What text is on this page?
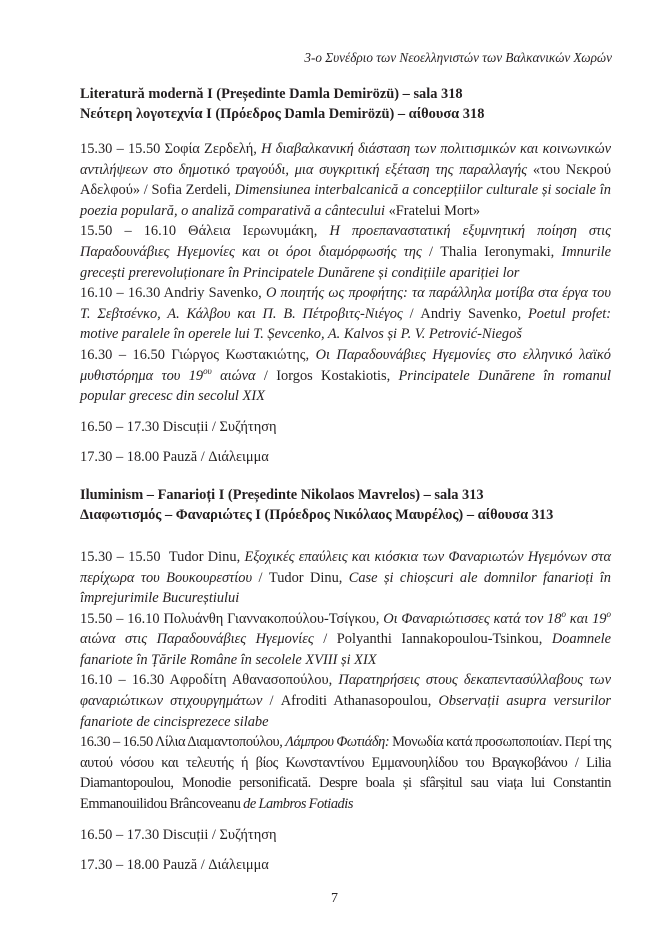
3-ο Συνέδριο των Νεοελληνιστών των Βαλκανικών Χωρών

Literatură modernă I (Președinte Damla Demirözü) – sala 318

Νεότερη λογοτεχνία I (Πρόεδρος Damla Demirözü) – αίθουσα 318

15.30 – 15.50 Σοφία Ζερδελή, Η διαβαλκανική διάσταση των πολιτισμικών και κοινωνικών αντιλήψεων στο δημοτικό τραγούδι, μια συγκριτική εξέταση της παραλλαγής «του Νεκρού Αδελφού» / Sofia Zerdeli, Dimensiunea interbalcanică a concepțiilor culturale și sociale în poezia populară, o analiză comparativă a cântecului «Fratelui Mort»

15.50 – 16.10 Θάλεια Ιερωνυμάκη, Η προεπαναστατική εξυμνητική ποίηση στις Παραδουνάβιες Ηγεμονίες και οι όροι διαμόρφωσής της / Thalia Ieronymaki, Imnurile grecești prerevoluționare în Principatele Dunărene și condițiile apariției lor

16.10 – 16.30 Andriy Savenko, Ο ποιητής ως προφήτης: τα παράλληλα μοτίβα στα έργα του Τ. Σεβτσένκο, Α. Κάλβου και Π. Β. Πέτροβιτς-Νιέγος / Andriy Savenko, Poetul profet: motive paralele în operele lui T. Șevcenko, A. Kalvos și P. V. Petrović-Niegoš

16.30 – 16.50 Γιώργος Κωστακιώτης, Οι Παραδουνάβιες Ηγεμονίες στο ελληνικό λαϊκό μυθιστόρημα του $19^{o\upsilon}$ αιώνα / Iorgos Kostakiotis, Principatele Dunărene în romanul popular grecesc din secolul XIX

16.50 – 17.30 Discuții / Συζήτηση

17.30 – 18.00 Pauză / Διάλειμμα

Iluminism – Fanarioți I (Președinte Nikolaos Mavrelos) – sala 313

Διαφωτισμός – Φαναριώτες I (Πρόεδρος Νικόλαος Μαυρέλος) – αίθουσα 313

15.30 – 15.50 Tudor Dinu, Εξοχικές επαύλεις και κιόσκια των Φαναριωτών Ηγεμόνων στα περίχωρα του Βουκουρεστίου / Tudor Dinu, Case și chioșcuri ale domnilor fanarioți în împrejurimile Bucureștiului

15.50 – 16.10 Πολυάνθη Γιαννακοπούλου-Τσίγκου, Οι Φαναριώτισσες κατά τον $18^o$ και $19^o$ αιώνα στις Παραδουνάβιες Ηγεμονίες / Polyanthi Iannakopoulou-Tsinkou, Doamnele fanariote în Țările Române în secolele XVIII și XIX

16.10 – 16.30 Αφροδίτη Αθανασοπούλου, Παρατηρήσεις στους δεκαπεντασύλλαβους των φαναριώτικων στιχουργημάτων / Afroditi Athanasopoulou, Observații asupra versurilor fanariote de cincisprezece silabe

16.30 – 16.50 Λίλια Διαμαντοπούλου, Λάμπρου Φωτιάδη: Μονωδία κατά προσωποποιίαν. Περί της αυτού νόσου και τελευτής ή βίος Κωνσταντίνου Εμμανουηλίδου του Βραγκοβάνου / Lilia Diamantopoulou, Monodie personificată. Despre boala și sfârșitul sau viața lui Constantin Emmanouilidou Brâncoveanu de Lambros Fotiadis

16.50 – 17.30 Discuții / Συζήτηση

17.30 – 18.00 Pauză / Διάλειμμα

7
